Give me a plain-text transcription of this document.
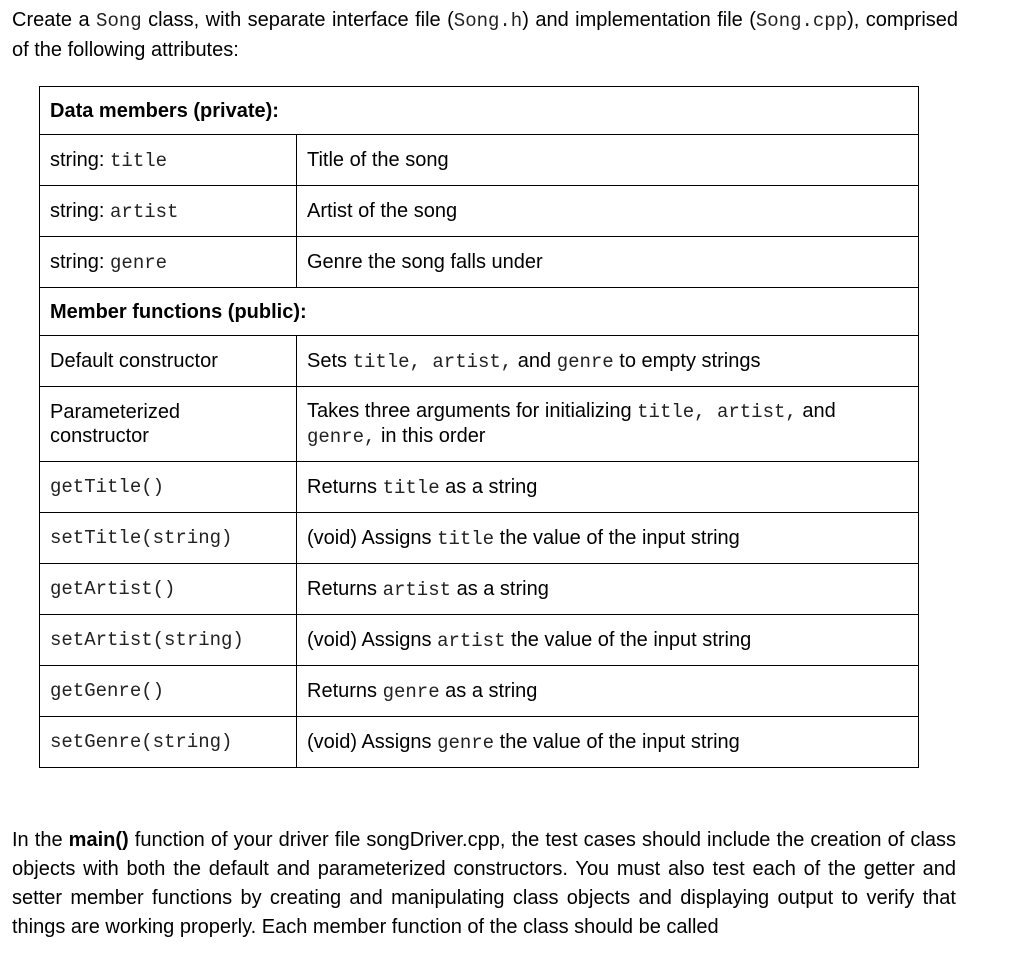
Create a Song class, with separate interface file (Song.h) and implementation file (Song.cpp), comprised of the following attributes:

Data members (private):	
string: title	Title of the song
string: artist	Artist of the song
string: genre	Genre the song falls under
Member functions (public):	
Default constructor	Sets title, artist, and genre to empty strings

Parameterized constructor	Takes three arguments for initializing title, artist, and genre, in this order
getTitle()	Returns title as a string
setTitle(string)	(void) Assigns title the value of the input string
getArtist()	Returns artist as a string
setArtist(string)	(void) Assigns artist the value of the input string
getGenre()	Returns genre as a string
setGenre(string)	(void) Assigns genre the value of the input string

In the main() function of your driver file songDriver.cpp, the test cases should include the creation of class objects with both the default and parameterized constructors. You must also test each of the getter and setter member functions by creating and manipulating class objects and displaying output to verify that things are working properly. Each member function of the class should be called
